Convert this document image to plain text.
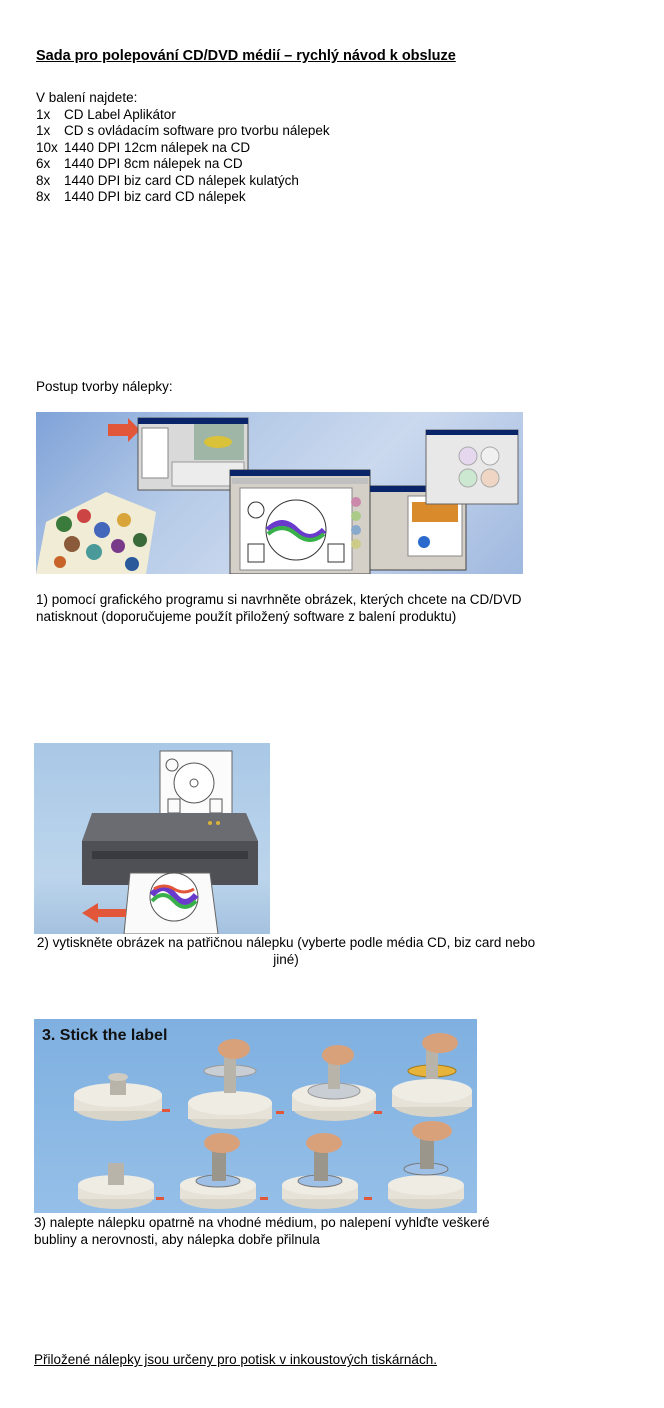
Sada pro polepování CD/DVD médií – rychlý návod k obsluze
V balení najdete:
1x CD Label Aplikátor
1x CD s ovládacím software pro tvorbu nálepek
10x 1440 DPI 12cm nálepek na CD
6x 1440 DPI 8cm nálepek na CD
8x 1440 DPI biz card CD nálepek kulatých
8x 1440 DPI biz card CD nálepek
Postup tvorby nálepky:
1) pomocí grafického programu si navrhněte obrázek, kterých chcete na CD/DVD natisknout (doporučujeme použít přiložený software z balení produktu)
2) vytiskněte obrázek na patřičnou nálepku (vyberte podle média CD, biz card nebo jiné)
3. Stick the label
3) nalepte nálepku opatrně na vhodné médium, po nalepení vyhlďte veškeré bubliny a nerovnosti, aby nálepka dobře přilnula
Přiložené nálepky jsou určeny pro potisk v inkoustových tiskárnách.
